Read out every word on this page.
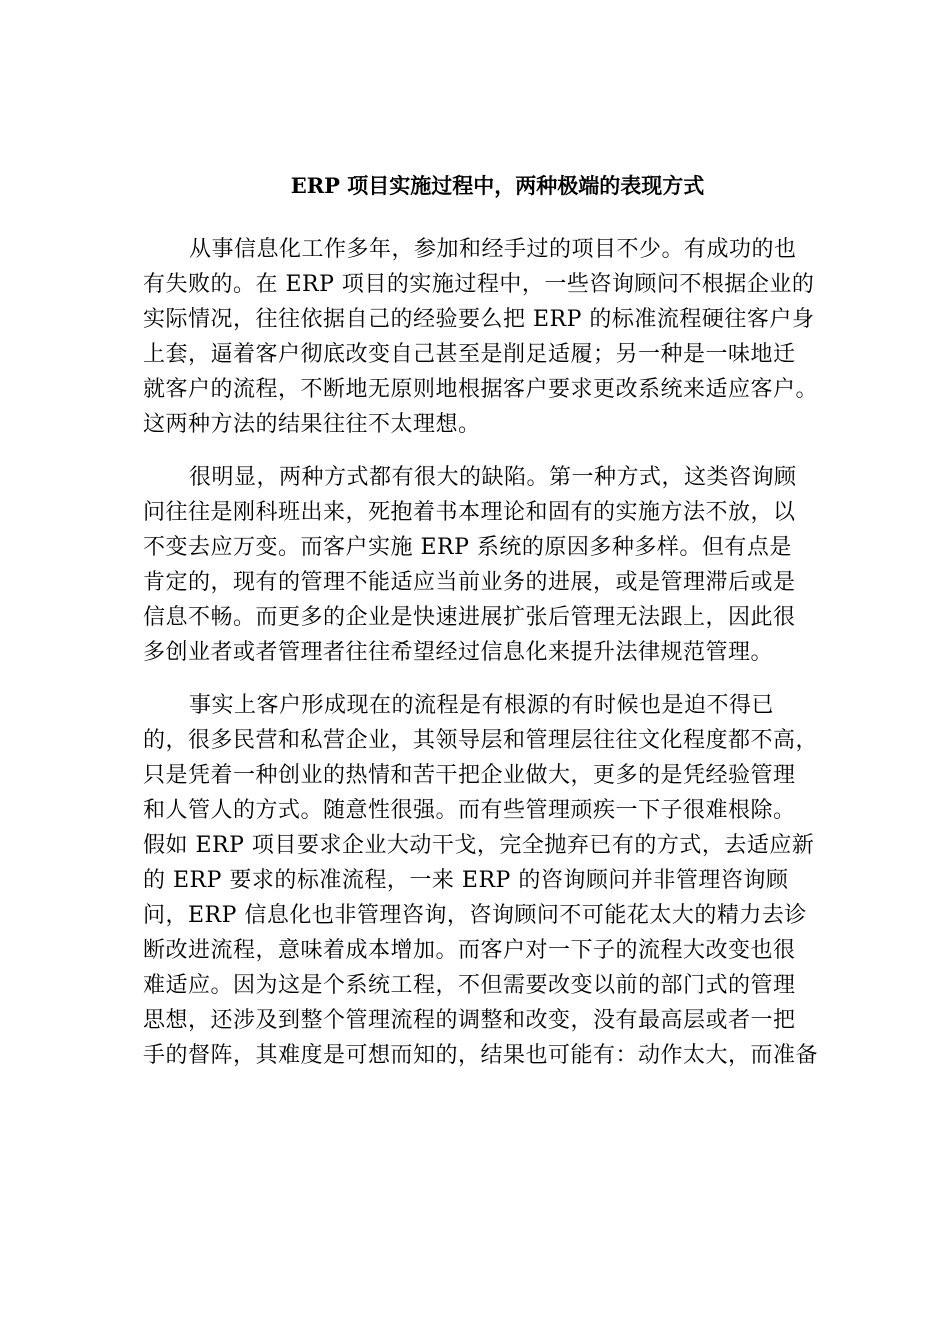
ERP 项目实施过程中，两种极端的表现方式
从事信息化工作多年，参加和经手过的项目不少。有成功的也
有失败的。在 ERP 项目的实施过程中，一些咨询顾问不根据企业的
实际情况，往往依据自己的经验要么把 ERP 的标准流程硬往客户身
上套，逼着客户彻底改变自己甚至是削足适履；另一种是一味地迁
就客户的流程，不断地无原则地根据客户要求更改系统来适应客户。
这两种方法的结果往往不太理想。
很明显，两种方式都有很大的缺陷。第一种方式，这类咨询顾
问往往是刚科班出来，死抱着书本理论和固有的实施方法不放，以
不变去应万变。而客户实施 ERP 系统的原因多种多样。但有点是
肯定的，现有的管理不能适应当前业务的进展，或是管理滞后或是
信息不畅。而更多的企业是快速进展扩张后管理无法跟上，因此很
多创业者或者管理者往往希望经过信息化来提升法律规范管理。
事实上客户形成现在的流程是有根源的有时候也是迫不得已
的，很多民营和私营企业，其领导层和管理层往往文化程度都不高，
只是凭着一种创业的热情和苦干把企业做大，更多的是凭经验管理
和人管人的方式。随意性很强。而有些管理顽疾一下子很难根除。
假如 ERP 项目要求企业大动干戈，完全抛弃已有的方式，去适应新
的 ERP 要求的标准流程，一来 ERP 的咨询顾问并非管理咨询顾
问，ERP 信息化也非管理咨询，咨询顾问不可能花太大的精力去诊
断改进流程，意味着成本增加。而客户对一下子的流程大改变也很
难适应。因为这是个系统工程，不但需要改变以前的部门式的管理
思想，还涉及到整个管理流程的调整和改变，没有最高层或者一把
手的督阵，其难度是可想而知的，结果也可能有：动作太大，而准备
